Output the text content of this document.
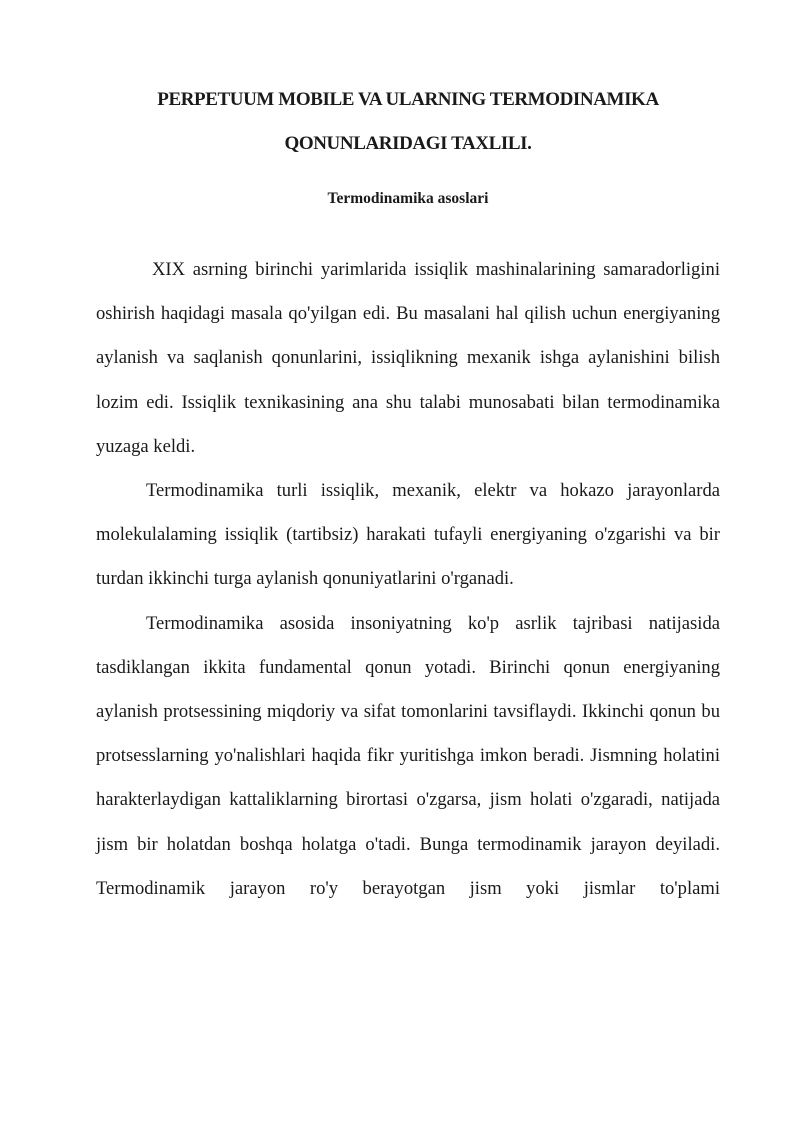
PERPETUUM MOBILE VA ULARNING TERMODINAMIKA
QONUNLARIDAGI TAXLILI.
Termodinamika asoslari

XIX asrning birinchi yarimlarida issiqlik mashinalarining samaradorligini oshirish haqidagi masala qo'yilgan edi. Bu masalani hal qilish uchun energiyaning aylanish va saqlanish qonunlarini, issiqlikning mexanik ishga aylanishini bilish lozim edi. Issiqlik texnikasining ana shu talabi munosabati bilan termodinamika yuzaga keldi.

Termodinamika turli issiqlik, mexanik, elektr va hokazo jarayonlarda molekulalaming issiqlik (tartibsiz) harakati tufayli energiyaning o'zgarishi va bir turdan ikkinchi turga aylanish qonuniyatlarini o'rganadi.

Termodinamika asosida insoniyatning ko'p asrlik tajribasi natijasida tasdiklangan ikkita fundamental qonun yotadi. Birinchi qonun energiyaning aylanish protsessining miqdoriy va sifat tomonlarini tavsiflaydi. Ikkinchi qonun bu protsesslarning yo'nalishlari haqida fikr yuritishga imkon beradi. Jismning holatini harakterlaydigan kattaliklarning birortasi o'zgarsa, jism holati o'zgaradi, natijada jism bir holatdan boshqa holatga o'tadi. Bunga termodinamik jarayon deyiladi. Termodinamik jarayon ro'y berayotgan jism yoki jismlar to'plami
